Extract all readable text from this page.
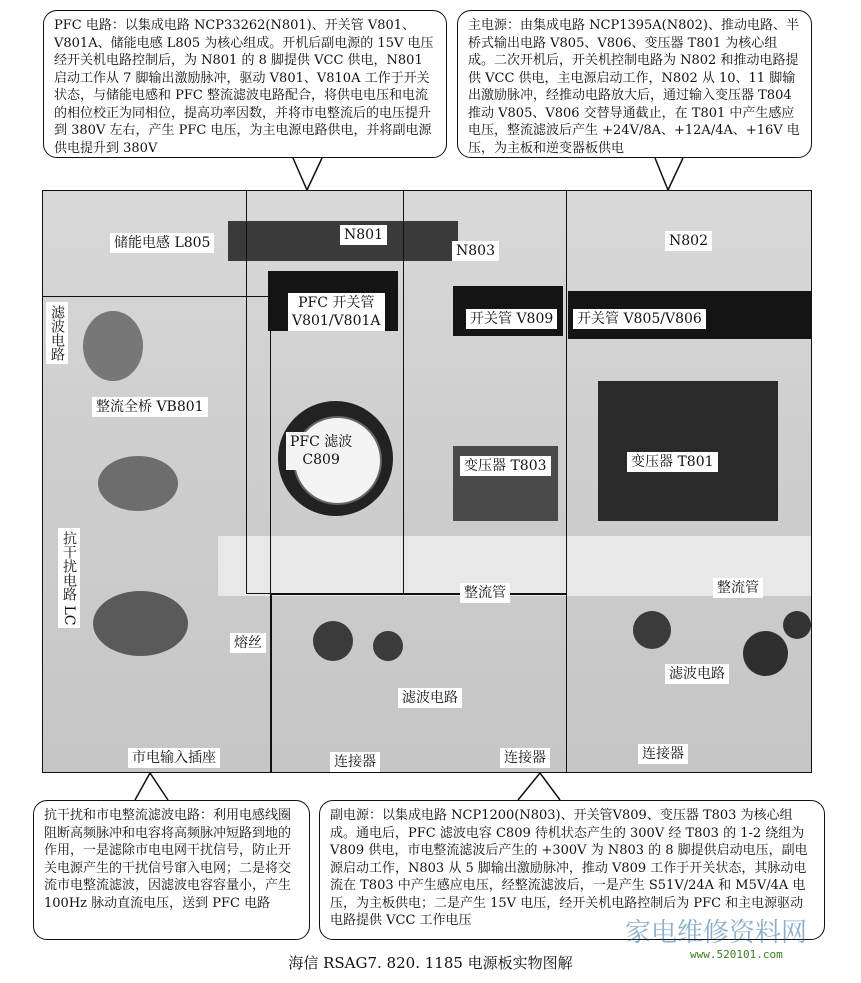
PFC 电路：以集成电路 NCP33262(N801)、开关管 V801、V801A、储能电感 L805 为核心组成。开机后副电源的 15V 电压经开关机电路控制后，为 N801 的 8 脚提供 VCC 供电，N801 启动工作从 7 脚输出激励脉冲，驱动 V801、V810A 工作于开关状态，与储能电感和 PFC 整流滤波电路配合，将供电电压和电流的相位校正为同相位，提高功率因数，并将市电整流后的电压提升到 380V 左右，产生 PFC 电压，为主电源电路供电，并将副电源供电提升到 380V
主电源：由集成电路 NCP1395A(N802)、推动电路、半桥式输出电路 V805、V806、变压器 T801 为核心组成。二次开机后，开关机控制电路为 N802 和推动电路提供 VCC 供电，主电源启动工作，N802 从 10、11 脚输出激励脉冲，经推动电路放大后，通过输入变压器 T804推动 V805、V806 交替导通截止，在 T801 中产生感应电压，整流滤波后产生 +24V/8A、+12A/4A、+16V 电压，为主板和逆变器板供电
储能电感 L805	N801
N803
N802
滤波电路
PFC 开关管
V801/V801A	开关管 V809 开关管 V805/V806
整流全桥 VB801
PFC 滤波
C809	变压器 T803	变压器 T801
抗干扰电路 LC	整流管	整流管
熔丝
滤波电路
滤波电路
市电输入插座	连接器	连接器	连接器
抗干扰和市电整流滤波电路：利用电感线圈阻断高频脉冲和电容将高频脉冲短路到地的作用，一是滤除市电电网干扰信号，防止开关电源产生的干扰信号窜入电网；二是将交流市电整流滤波，因滤波电容容量小，产生 100Hz 脉动直流电压，送到 PFC 电路
副电源：以集成电路 NCP1200(N803)、开关管V809、变压器 T803 为核心组成。通电后，PFC 滤波电容 C809 待机状态产生的 300V 经 T803 的 1-2 绕组为 V809 供电，市电整流滤波后产生的 +300V 为 N803 的 8 脚提供启动电压，副电源启动工作，N803 从 5 脚输出激励脉冲，推动 V809 工作于开关状态，其脉动电流在 T803 中产生感应电压，经整流滤波后，一是产生 S51V/24A 和 M5V/4A 电压，为主板供电；二是产生 15V 电压，经开关机电路控制后为 PFC 和主电源驱动电路提供 VCC 工作电压	家电维修资料网
www.520101.com
海信 RSAG7. 820. 1185 电源板实物图解
